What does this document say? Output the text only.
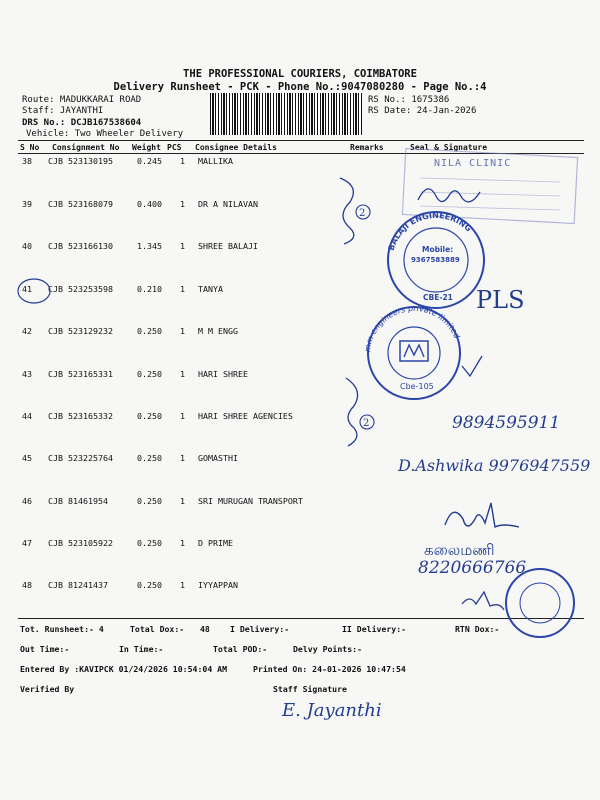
THE PROFESSIONAL COURIERS, COIMBATORE
Delivery Runsheet - PCK - Phone No.:9047080280 - Page No.:4
Route: MADUKKARAI ROAD
Staff: JAYANTHI
DRS No.: DCJB167538604
Vehicle: Two Wheeler Delivery
RS No.: 1675386
RS Date: 24-Jan-2026
S No Consignment No Weight PCS Consignee Details	Remarks	Seal & Signature
38 CJB 523130195	0.245 1 MALLIKA
39 CJB 523168079	0.400 1 DR A NILAVAN
40 CJB 523166130	1.345 1 SHREE BALAJI
41 CJB 523253598	0.210 1 TANYA
42 CJB 523129232	0.250 1 M M ENGG
43 CJB 523165331	0.250 1 HARI SHREE
44 CJB 523165332	0.250 1 HARI SHREE AGENCIES
45 CJB 523225764	0.250 1 GOMASTHI
46 CJB 81461954	0.250 1 SRI MURUGAN TRANSPORT
47 CJB 523105922	0.250 1 D PRIME
48 CJB 81241437	0.250 1 IYYAPPAN
Tot. Runsheet:- 4	Total Dox:- 48 I Delivery:-	II Delivery:-	RTN Dox:-
Out Time:-	In Time:-	Total POD:-	Delvy Points:-
Entered By :KAVIPCK 01/24/2026 10:54:04 AM	Printed On: 24-01-2026 10:47:54
Verified By	Staff Signature
PLS
9894595911
D.Ashwika 9976947559
கலைமணி
8220666766
E. Jayanthi
NILA CLINIC
2
2
BALAJI ENGINEERING
Mobile:
9367583889
CBE-21
mm engineers private limited
Cbe-105
